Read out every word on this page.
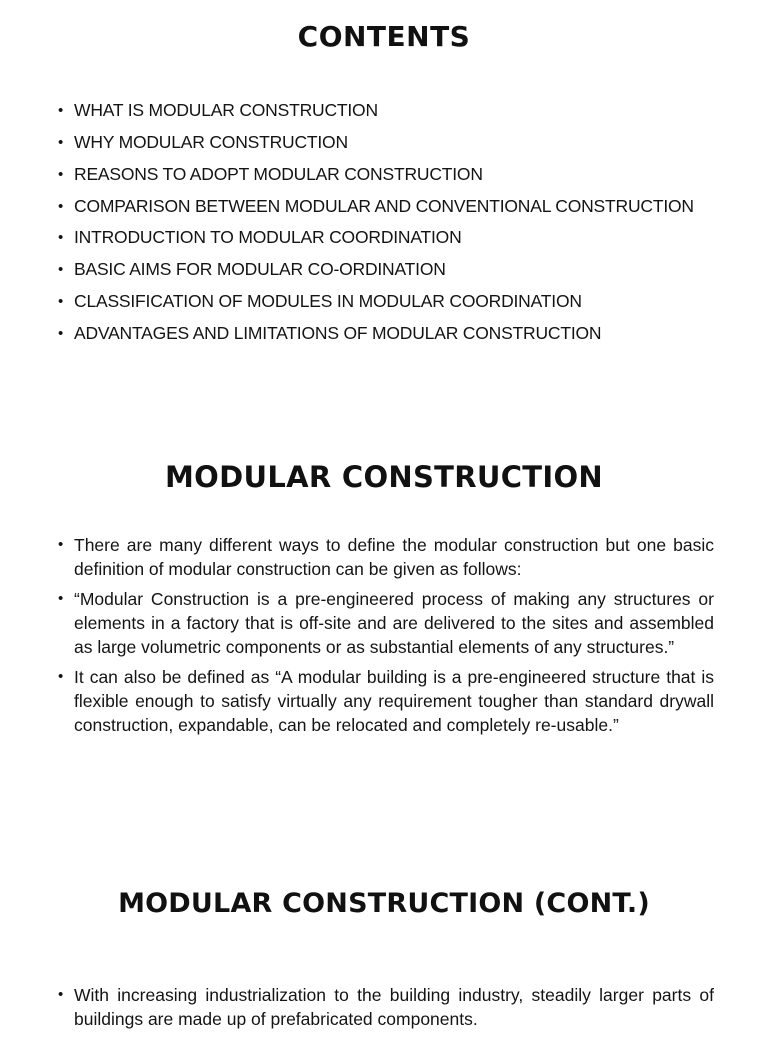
CONTENTS
• WHAT IS MODULAR CONSTRUCTION
• WHY MODULAR CONSTRUCTION
• REASONS TO ADOPT MODULAR CONSTRUCTION
• COMPARISON BETWEEN MODULAR AND CONVENTIONAL CONSTRUCTION
• INTRODUCTION TO MODULAR COORDINATION
• BASIC AIMS FOR MODULAR CO-ORDINATION
• CLASSIFICATION OF MODULES IN MODULAR COORDINATION
• ADVANTAGES AND LIMITATIONS OF MODULAR CONSTRUCTION
MODULAR CONSTRUCTION
• There are many different ways to define the modular construction but one basic definition of modular construction can be given as follows:
• “Modular Construction is a pre-engineered process of making any structures or elements in a factory that is off-site and are delivered to the sites and assembled as large volumetric components or as substantial elements of any structures.”
• It can also be defined as “A modular building is a pre-engineered structure that is flexible enough to satisfy virtually any requirement tougher than standard drywall construction, expandable, can be relocated and completely re-usable.”
MODULAR CONSTRUCTION (CONT.)
• With increasing industrialization to the building industry, steadily larger parts of buildings are made up of prefabricated components.
